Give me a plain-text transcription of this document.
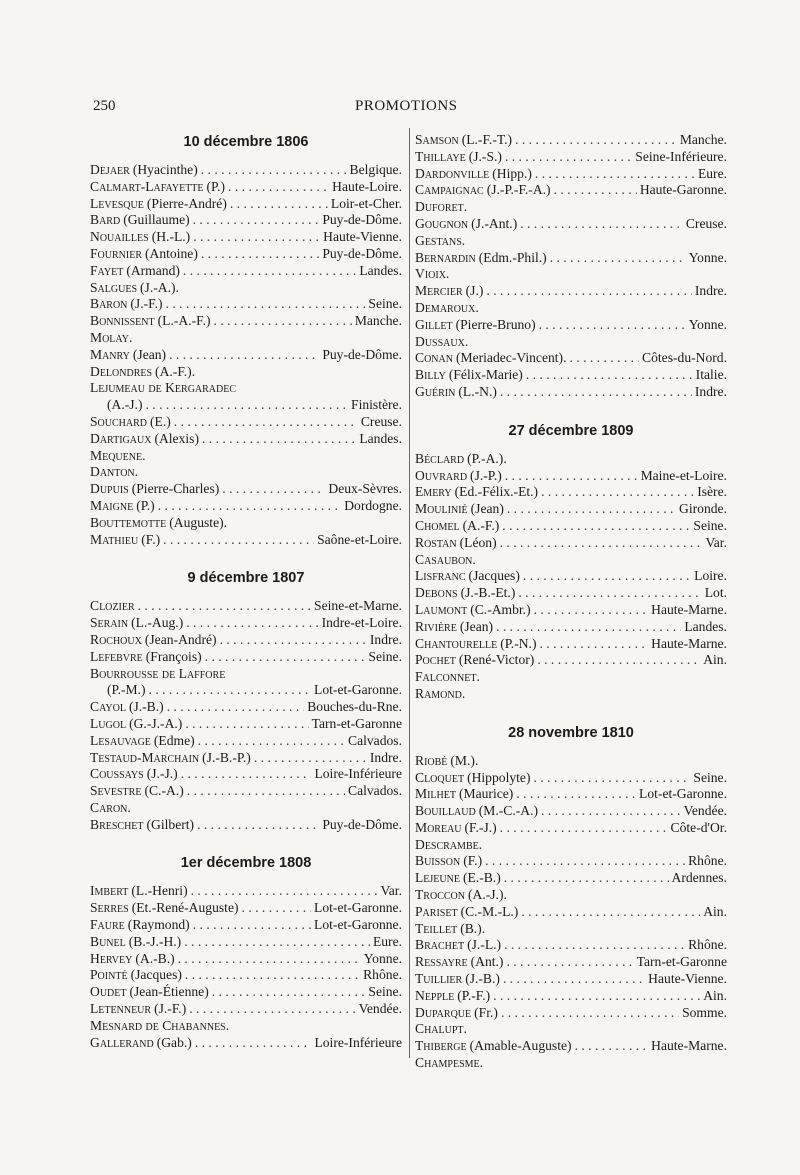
250	PROMOTIONS
10 décembre 1806
Dejaer (Hyacinthe) . . .	Belgique.
Calmart-Lafayette (P.) . . .	Haute-Loire.
Levesque (Pierre-André) . . .	Loir-et-Cher.
Bard (Guillaume) . . .	Puy-de-Dôme.
Nouailles (H.-L.) . . .	Haute-Vienne.
Fournier (Antoine) . . .	Puy-de-Dôme.
Fayet (Armand) . . .	Landes.
Salgues (J.-A.).
Baron (J.-F.) . . .	Seine.
Bonnissent (L.-A.-F.) . . .	Manche.
Molay.
Manry (Jean) . . .	Puy-de-Dôme.
Delondres (A.-F.).
Lejumeau de Kergaradec
(A.-J.) . . .	Finistère.
Souchard (E.) . . .	Creuse.
Dartigaux (Alexis) . . .	Landes.
Mequene.
Danton.
Dupuis (Pierre-Charles) . . .	Deux-Sèvres.
Maigne (P.) . . .	Dordogne.
Bouttemotte (Auguste).
Mathieu (F.) . . .	Saône-et-Loire.
9 décembre 1807
Clozier . . .	Seine-et-Marne.
Serain (L.-Aug.) . . .	Indre-et-Loire.
Rochoux (Jean-André) . . .	Indre.
Lefebvre (François) . . .	Seine.
Bourrousse de Laffore
(P.-M.) . . .	Lot-et-Garonne.
Cayol (J.-B.) . . .	Bouches-du-Rne.
Lugol (G.-J.-A.) . . .	Tarn-et-Garonne
Lesauvage (Edme) . . .	Calvados.
Testaud-Marchain (J.-B.-P.) . . .	Indre.
Coussays (J.-J.) . . .	Loire-Inférieure
Sevestre (C.-A.) . . .	Calvados.
Caron.
Breschet (Gilbert) . . .	Puy-de-Dôme.
1er décembre 1808
Imbert (L.-Henri) . . .	Var.
Serres (Et.-René-Auguste) . . .	Lot-et-Garonne.
Faure (Raymond) . . .	Lot-et-Garonne.
Bunel (B.-J.-H.) . . .	Eure.
Hervey (A.-B.) . . .	Yonne.
Pointé (Jacques) . . .	Rhône.
Oudet (Jean-Étienne) . . .	Seine.
Letenneur (J.-F.) . . .	Vendée.
Mesnard de Chabannes.
Gallerand (Gab.) . . .	Loire-Inférieure
Samson (L.-F.-T.) . . .	Manche.
Thillaye (J.-S.) . . .	Seine-Inférieure.
Dardonville (Hipp.) . . .	Eure.
Campaignac (J.-P.-F.-A.) . . .	Haute-Garonne.
Duforet.
Gougnon (J.-Ant.) . . .	Creuse.
Gestans.
Bernardin (Edm.-Phil.) . . .	Yonne.
Vioix.
Mercier (J.) . . .	Indre.
Demaroux.
Gillet (Pierre-Bruno) . . .	Yonne.
Dussaux.
Conan (Meriadec-Vincent). . . .	Côtes-du-Nord.
Billy (Félix-Marie) . . .	Italie.
Guérin (L.-N.) . . .	Indre.
27 décembre 1809
Béclard (P.-A.).
Ouvrard (J.-P.) . . .	Maine-et-Loire.
Emery (Ed.-Félix.-Et.) . . .	Isère.
Moulinié (Jean) . . .	Gironde.
Chomel (A.-F.) . . .	Seine.
Rostan (Léon) . . .	Var.
Casaubon.
Lisfranc (Jacques) . . .	Loire.
Debons (J.-B.-Et.) . . .	Lot.
Laumont (C.-Ambr.) . . .	Haute-Marne.
Rivière (Jean) . . .	Landes.
Chantourelle (P.-N.) . . .	Haute-Marne.
Pochet (René-Victor) . . .	Ain.
Falconnet.
Ramond.
28 novembre 1810
Riobé (M.).
Cloquet (Hippolyte) . . .	Seine.
Milhet (Maurice) . . .	Lot-et-Garonne.
Bouillaud (M.-C.-A.) . . .	Vendée.
Moreau (F.-J.) . . .	Côte-d'Or.
Descrambe.
Buisson (F.) . . .	Rhône.
Lejeune (E.-B.) . . .	Ardennes.
Troccon (A.-J.).
Pariset (C.-M.-L.) . . .	Ain.
Teillet (B.).
Brachet (J.-L.) . . .	Rhône.
Ressayre (Ant.) . . .	Tarn-et-Garonne
Tuillier (J.-B.) . . .	Haute-Vienne.
Nepple (P.-F.) . . .	Ain.
Duparque (Fr.) . . .	Somme.
Chalupt.
Thiberge (Amable-Auguste) . . .	Haute-Marne.
Champesme.
